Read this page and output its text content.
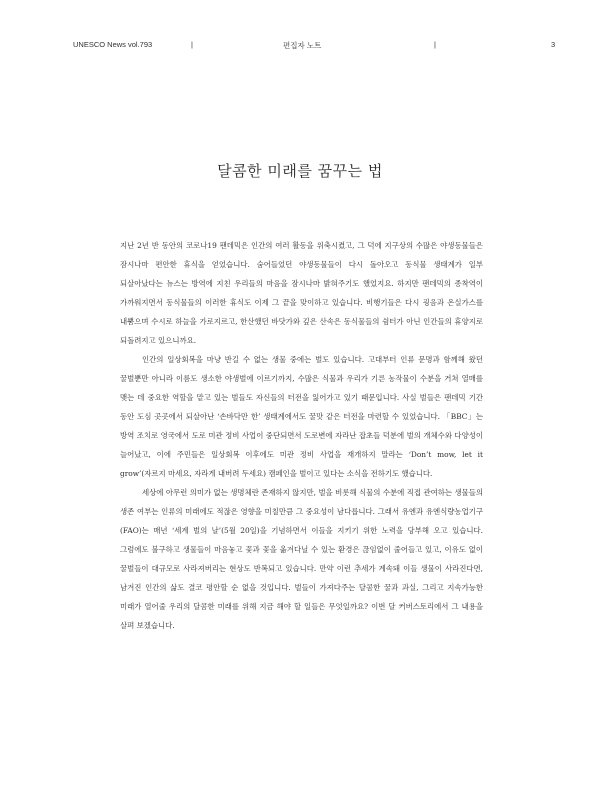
UNESCO News vol.793	|	편집자 노트	|	3
달콤한 미래를 꿈꾸는 법

지난 2년 반 동안의 코로나19 팬데믹은 인간의 여러 활동을 위축시켰고, 그 덕에 지구상의 수많은 야생동물들은 잠시나마 편안한 휴식을 얻었습니다. 숨어들었던 야생동물들이 다시 돌아오고 동식물 생태계가 일부 되살아났다는 뉴스는 방역에 지친 우리들의 마음을 잠시나마 밝혀주기도 했었지요. 하지만 팬데믹의 종착역이 가까워지면서 동식물들의 이러한 휴식도 이제 그 끝을 맞이하고 있습니다. 비행기들은 다시 굉음과 온실가스를 내뿜으며 수시로 하늘을 가로지르고, 한산했던 바닷가와 깊은 산속은 동식물들의 쉼터가 아닌 인간들의 휴양지로 되돌려지고 있으니까요.

인간의 일상회복을 마냥 반길 수 없는 생물 중에는 벌도 있습니다. 고대부터 인류 문명과 함께해 왔던 꿀벌뿐만 아니라 이름도 생소한 야생벌에 이르기까지, 수많은 식물과 우리가 기른 농작물이 수분을 거쳐 열매를 맺는 데 중요한 역할을 맡고 있는 벌들도 자신들의 터전을 잃어가고 있기 때문입니다. 사실 벌들은 팬데믹 기간 동안 도심 곳곳에서 되살아난 ‘손바닥만 한’ 생태계에서도 꿀맛 같은 터전을 마련할 수 있었습니다. 「BBC」는 방역 조치로 영국에서 도로 미관 정비 사업이 중단되면서 도로변에 자라난 잡초들 덕분에 벌의 개체수와 다양성이 늘어났고, 이에 주민들은 일상회복 이후에도 미관 정비 사업을 재개하지 말라는 ‘Don’t mow, let it grow’(자르지 마세요, 자라게 내버려 두세요) 캠페인을 벌이고 있다는 소식을 전하기도 했습니다.

세상에 아무런 의미가 없는 생명체란 존재하지 않지만, 벌을 비롯해 식물의 수분에 직접 관여하는 생물들의 생존 여부는 인류의 미래에도 적잖은 영향을 미칠만큼 그 중요성이 남다릅니다. 그래서 유엔과 유엔식량농업기구(FAO)는 매년 ‘세계 벌의 날’(5월 20일)을 기념하면서 이들을 지키기 위한 노력을 당부해 오고 있습니다. 그럼에도 불구하고 생물들이 마음놓고 꽃과 꽃을 옮겨다닐 수 있는 환경은 끊임없이 줄어들고 있고, 이유도 없이 꿀벌들이 대규모로 사라져버리는 현상도 반복되고 있습니다. 만약 이런 추세가 계속돼 이들 생물이 사라진다면, 남겨진 인간의 삶도 결코 평안할 순 없을 것입니다. 벌들이 가져다주는 달콤한 꿀과 과실, 그리고 지속가능한 미래가 열어줄 우리의 달콤한 미래를 위해 지금 해야 할 일들은 무엇일까요? 이번 달 커버스토리에서 그 내용을 살펴 보겠습니다.
